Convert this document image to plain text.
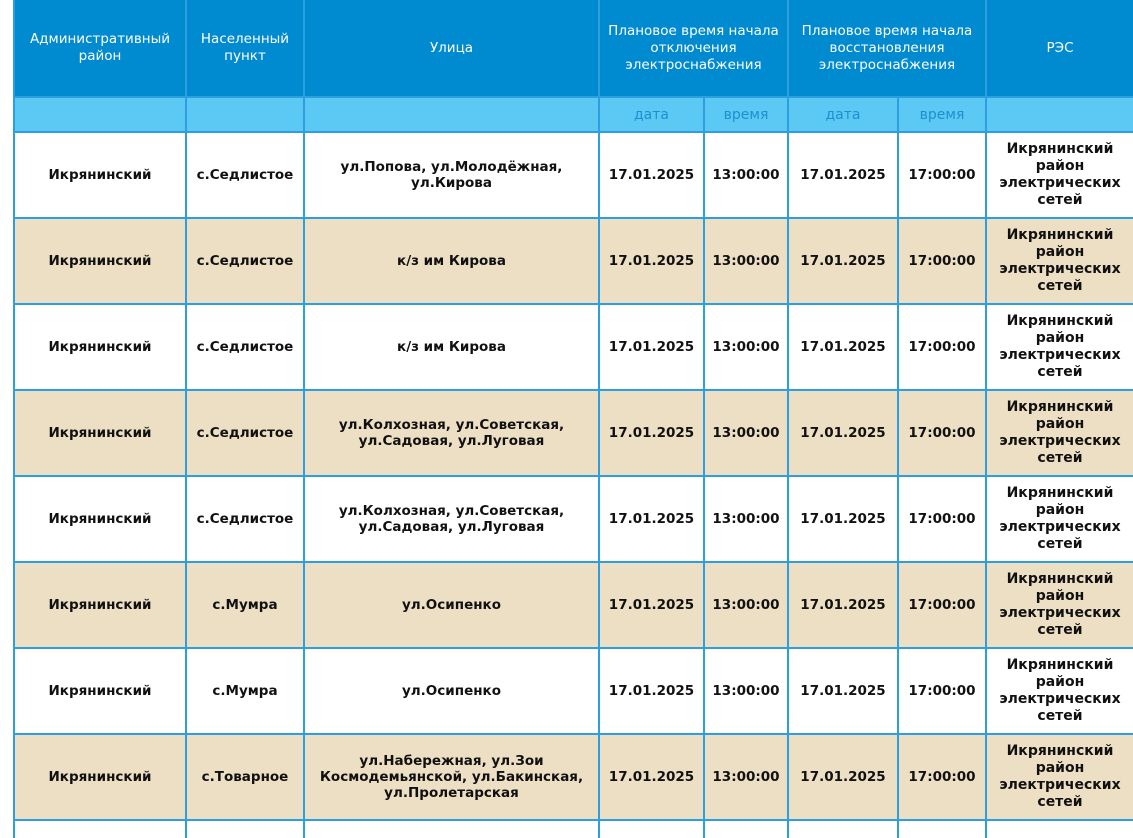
Административный район	Населенный пункт	Улица	Плановое время начала отключения электроснабжения		Плановое время начала восстановления электроснабжения		РЭС
			дата	время	дата	время	
Икрянинский	с.Седлистое	ул.Попова, ул.Молодёжная, ул.Кирова	17.01.2025	13:00:00	17.01.2025	17:00:00	Икрянинский район электрических сетей
Икрянинский	с.Седлистое	к/з им Кирова	17.01.2025	13:00:00	17.01.2025	17:00:00	Икрянинский район электрических сетей
Икрянинский	с.Седлистое	к/з им Кирова	17.01.2025	13:00:00	17.01.2025	17:00:00	Икрянинский район электрических сетей
Икрянинский	с.Седлистое	ул.Колхозная, ул.Советская, ул.Садовая, ул.Луговая	17.01.2025	13:00:00	17.01.2025	17:00:00	Икрянинский район электрических сетей
Икрянинский	с.Седлистое	ул.Колхозная, ул.Советская, ул.Садовая, ул.Луговая	17.01.2025	13:00:00	17.01.2025	17:00:00	Икрянинский район электрических сетей
Икрянинский	с.Мумра	ул.Осипенко	17.01.2025	13:00:00	17.01.2025	17:00:00	Икрянинский район электрических сетей
Икрянинский	с.Мумра	ул.Осипенко	17.01.2025	13:00:00	17.01.2025	17:00:00	Икрянинский район электрических сетей
Икрянинский	с.Товарное	ул.Набережная, ул.Зои Космодемьянской, ул.Бакинская, ул.Пролетарская	17.01.2025	13:00:00	17.01.2025	17:00:00	Икрянинский район электрических сетей
